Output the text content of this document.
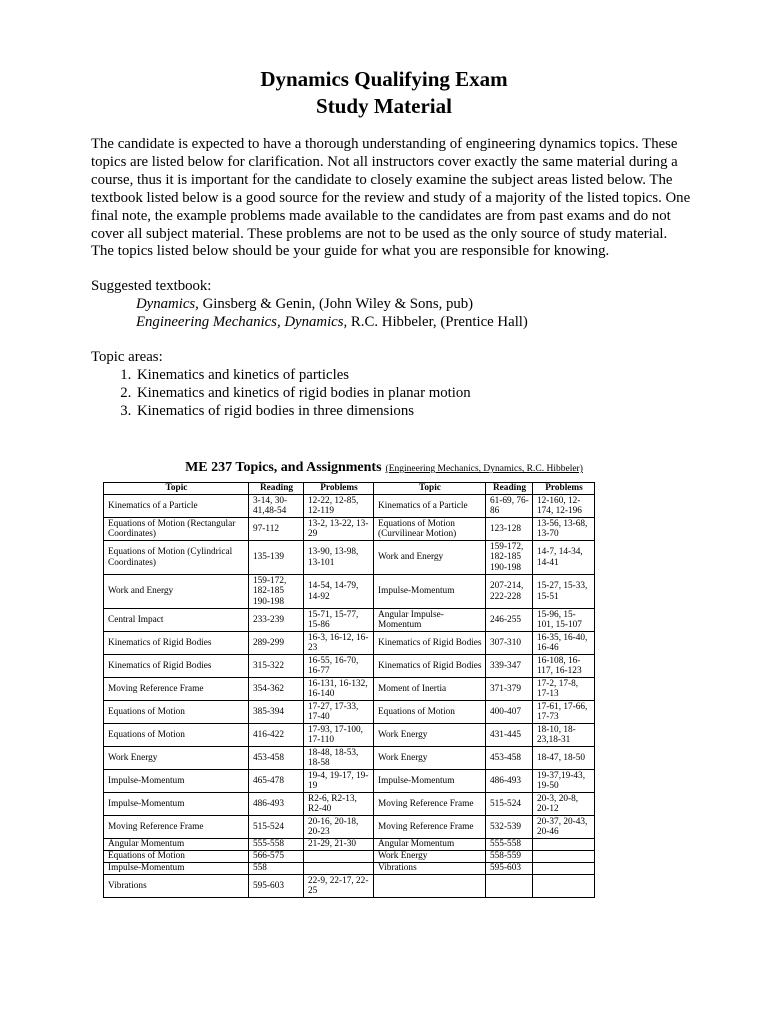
Dynamics Qualifying Exam

Study Material

The candidate is expected to have a thorough understanding of engineering dynamics topics. These topics are listed below for clarification. Not all instructors cover exactly the same material during a course, thus it is important for the candidate to closely examine the subject areas listed below. The textbook listed below is a good source for the review and study of a majority of the listed topics. One final note, the example problems made available to the candidates are from past exams and do not cover all subject material. These problems are not to be used as the only source of study material. The topics listed below should be your guide for what you are responsible for knowing.

Suggested textbook:

Dynamics, Ginsberg & Genin, (John Wiley & Sons, pub)

Engineering Mechanics, Dynamics, R.C. Hibbeler, (Prentice Hall)

Topic areas:

1. Kinematics and kinetics of particles
2. Kinematics and kinetics of rigid bodies in planar motion
3. Kinematics of rigid bodies in three dimensions
ME 237 Topics, and Assignments (Engineering Mechanics, Dynamics, R.C. Hibbeler)
Topic	Reading	Problems	Topic	Reading	Problems
Kinematics of a Particle	3-14, 30-41,48-54	12-22, 12-85, 12-119	Kinematics of a Particle	61-69, 76-86	12-160, 12-174, 12-196
Equations of Motion (Rectangular Coordinates)	97-112	13-2, 13-22, 13-29	Equations of Motion (Curvilinear Motion)	123-128	13-56, 13-68, 13-70
Equations of Motion (Cylindrical Coordinates)	135-139	13-90, 13-98, 13-101	Work and Energy	159-172, 182-185 190-198	14-7, 14-34, 14-41
Work and Energy	159-172, 182-185 190-198	14-54, 14-79, 14-92	Impulse-Momentum	207-214, 222-228	15-27, 15-33, 15-51
Central Impact	233-239	15-71, 15-77, 15-86	Angular Impulse-Momentum	246-255	15-96, 15-101, 15-107
Kinematics of Rigid Bodies	289-299	16-3, 16-12, 16-23	Kinematics of Rigid Bodies	307-310	16-35, 16-40, 16-46
Kinematics of Rigid Bodies	315-322	16-55, 16-70, 16-77	Kinematics of Rigid Bodies	339-347	16-108, 16-117, 16-123
Moving Reference Frame	354-362	16-131, 16-132, 16-140	Moment of Inertia	371-379	17-2, 17-8, 17-13
Equations of Motion	385-394	17-27, 17-33, 17-40	Equations of Motion	400-407	17-61, 17-66, 17-73
Equations of Motion	416-422	17-93, 17-100, 17-110	Work Energy	431-445	18-10, 18-23,18-31
Work Energy	453-458	18-48, 18-53, 18-58	Work Energy	453-458	18-47, 18-50
Impulse-Momentum	465-478	19-4, 19-17, 19-19	Impulse-Momentum	486-493	19-37,19-43, 19-50
Impulse-Momentum	486-493	R2-6, R2-13, R2-40	Moving Reference Frame	515-524	20-3, 20-8, 20-12
Moving Reference Frame	515-524	20-16, 20-18, 20-23	Moving Reference Frame	532-539	20-37, 20-43, 20-46
Angular Momentum	555-558	21-29, 21-30	Angular Momentum	555-558	
Equations of Motion	566-575		Work Energy	558-559	
Impulse-Momentum	558		Vibrations	595-603	
Vibrations	595-603	22-9, 22-17, 22-25			
